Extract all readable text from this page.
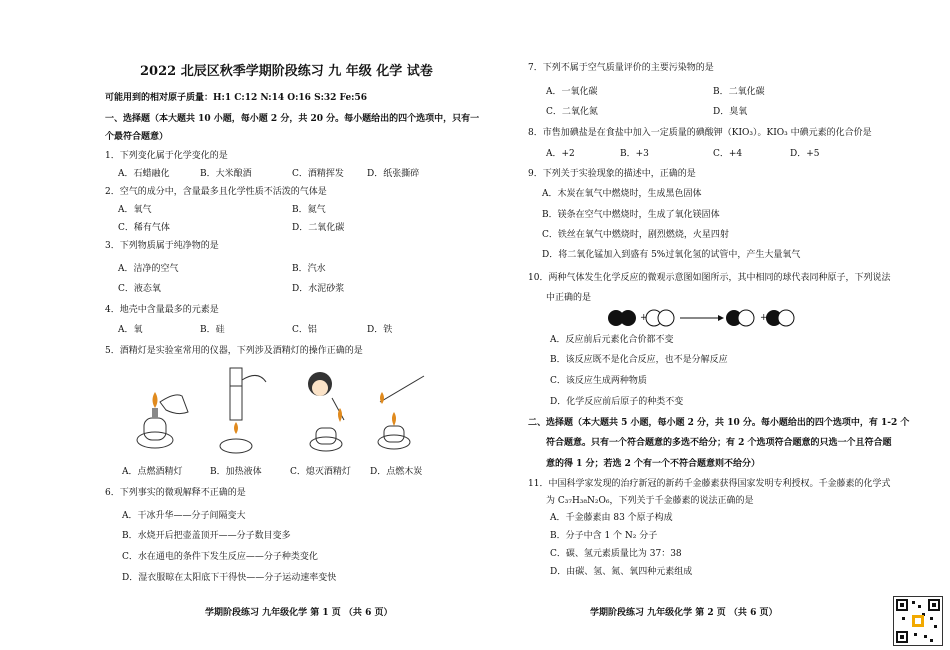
2022 北辰区秋季学期阶段练习 九 年级 化学 试卷
可能用到的相对原子质量：H:1 C:12 N:14 O:16 S:32 Fe:56
一、选择题（本大题共 10 小题，每小题 2 分，共 20 分。每小题给出的四个选项中，只有一
个最符合题意）
1．下列变化属于化学变化的是
A．石蜡融化	B．大米酿酒	C．酒精挥发	D．纸张撕碎
2．空气的成分中，含量最多且化学性质不活泼的气体是
A．氧气	B．氦气
C．稀有气体	D．二氧化碳
3．下列物质属于纯净物的是
A．洁净的空气	B．汽水
C．液态氧	D．水泥砂浆
4．地壳中含量最多的元素是
A．氧	B．硅	C．铝	D．铁
5．酒精灯是实验室常用的仪器，下列涉及酒精灯的操作正确的是
A．点燃酒精灯	B．加热液体	C．熄灭酒精灯 D．点燃木炭
6．下列事实的微观解释不正确的是
A．干冰升华——分子间隔变大
B．水烧开后把壶盖顶开——分子数目变多
C．水在通电的条件下发生反应——分子种类变化
D．湿衣服晾在太阳底下干得快——分子运动速率变快
学期阶段练习 九年级化学 第 1 页 （共 6 页）
7．下列不属于空气质量评价的主要污染物的是
A．一氧化碳	B．二氧化碳
C．二氧化氮	D．臭氧
8．市售加碘盐是在食盐中加入一定质量的碘酸钾（KIO₃）。KIO₃ 中碘元素的化合价是
A．+2	B．+3	C．+4	D．+5
9．下列关于实验现象的描述中，正确的是
A．木炭在氧气中燃烧时，生成黑色固体
B．镁条在空气中燃烧时，生成了氧化镁固体
C．铁丝在氧气中燃烧时，剧烈燃烧，火星四射
D．将二氧化锰加入到盛有 5%过氧化氢的试管中，产生大量氧气
10．两种气体发生化学反应的微观示意图如图所示，其中相同的球代表同种原子，下列说法
中正确的是
+	+
A．反应前后元素化合价都不变
B．该反应既不是化合反应，也不是分解反应
C．该反应生成两种物质
D．化学反应前后原子的种类不变
二、选择题（本大题共 5 小题，每小题 2 分，共 10 分。每小题给出的四个选项中，有 1-2 个
符合题意。只有一个符合题意的多选不给分；有 2 个选项符合题意的只选一个且符合题
意的得 1 分；若选 2 个有一个不符合题意则不给分）
11．中国科学家发现的治疗新冠的新药千金藤素获得国家发明专利授权。千金藤素的化学式
为 C₃₇H₃₈N₂O₆，下列关于千金藤素的说法正确的是
A．千金藤素由 83 个原子构成
B．分子中含 1 个 N₂ 分子
C．碳、氢元素质量比为 37：38
D．由碳、氢、氮、氧四种元素组成
学期阶段练习 九年级化学 第 2 页 （共 6 页）
